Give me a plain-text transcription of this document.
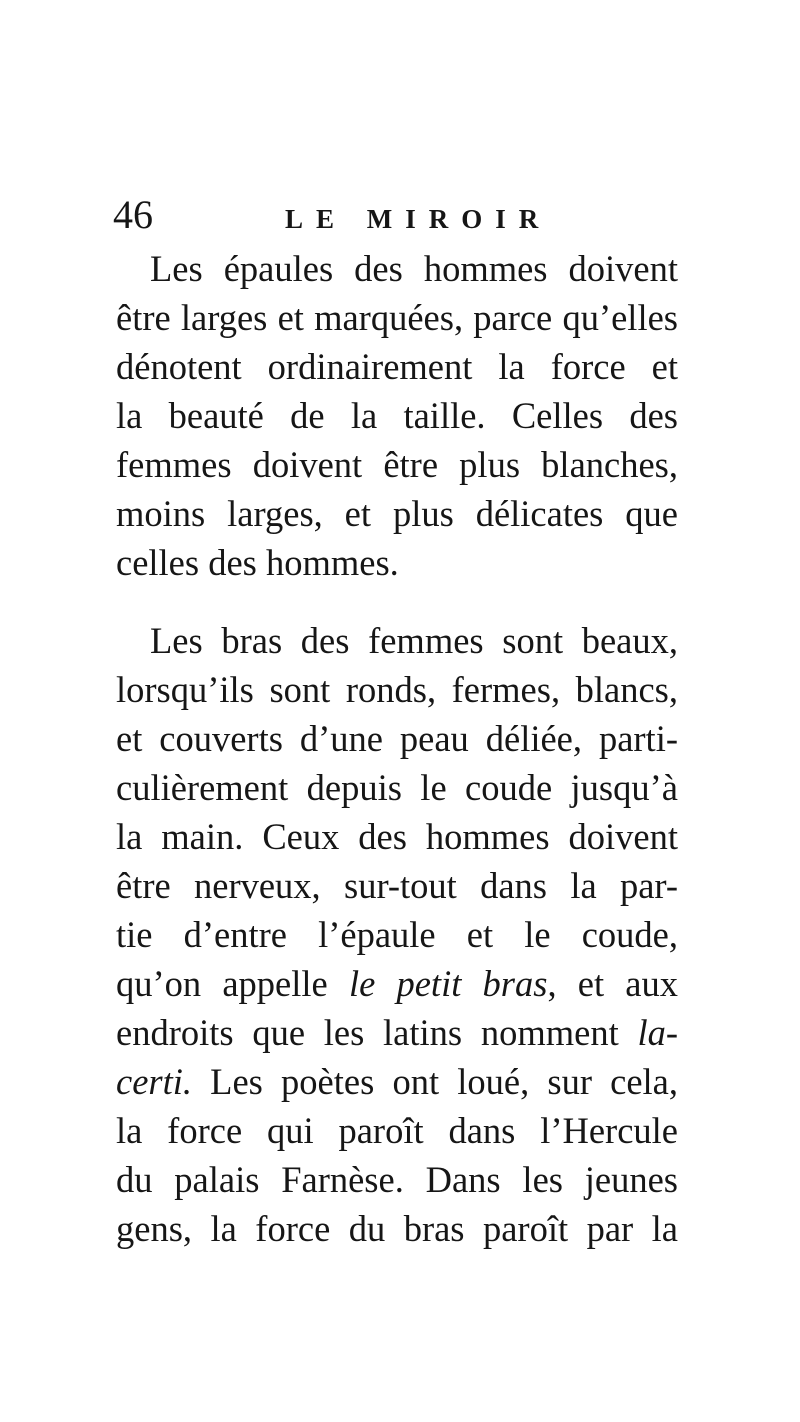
46	LE MIROIR
Les épaules des hommes doivent
être larges et marquées, parce qu’elles
dénotent ordinairement la force et
la beauté de la taille. Celles des
femmes doivent être plus blanches,
moins larges, et plus délicates que
celles des hommes.
Les bras des femmes sont beaux,
lorsqu’ils sont ronds, fermes, blancs,
et couverts d’une peau déliée, parti-
culièrement depuis le coude jusqu’à
la main. Ceux des hommes doivent
être nerveux, sur-tout dans la par-
tie d’entre l’épaule et le coude,
qu’on appelle le petit bras, et aux
endroits que les latins nomment la-
certi. Les poètes ont loué, sur cela,
la force qui paroît dans l’Hercule
du palais Farnèse. Dans les jeunes
gens, la force du bras paroît par la
